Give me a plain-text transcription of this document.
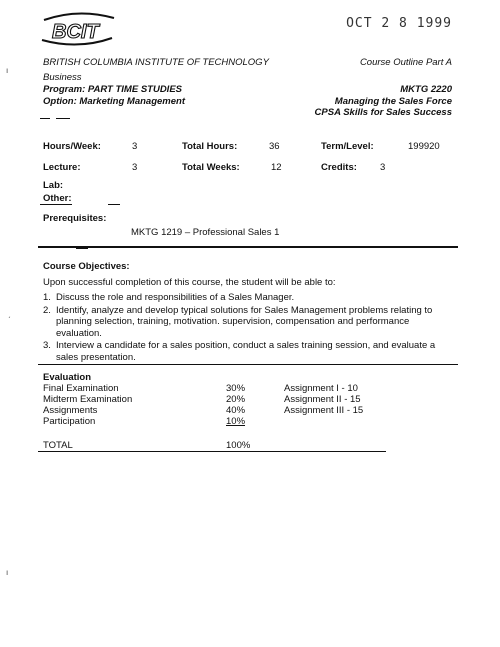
BCIT	OCT 2 8 1999
BRITISH COLUMBIA INSTITUTE OF TECHNOLOGY	Course Outline Part A
Business
Program: PART TIME STUDIES
Option: Marketing Management
MKTG 2220
Managing the Sales Force
CPSA Skills for Sales Success
Hours/Week:	3	Total Hours:	36	Term/Level:	199920
Lecture:	3	Total Weeks:	12	Credits: 3
Lab:
Other:
Prerequisites:
MKTG 1219 – Professional Sales 1
Course Objectives:
Upon successful completion of this course, the student will be able to:
1. Discuss the role and responsibilities of a Sales Manager.
2. Identify, analyze and develop typical solutions for Sales Management problems relating to planning selection, training, motivation. supervision, compensation and performance evaluation.
3. Interview a candidate for a sales position, conduct a sales training session, and evaluate a sales presentation.
Evaluation
Final Examination	30%	Assignment I - 10
Midterm Examination	20%	Assignment II - 15
Assignments	40%	Assignment III - 15
Participation	10%
TOTAL	100%
ı
ˊ
ı
